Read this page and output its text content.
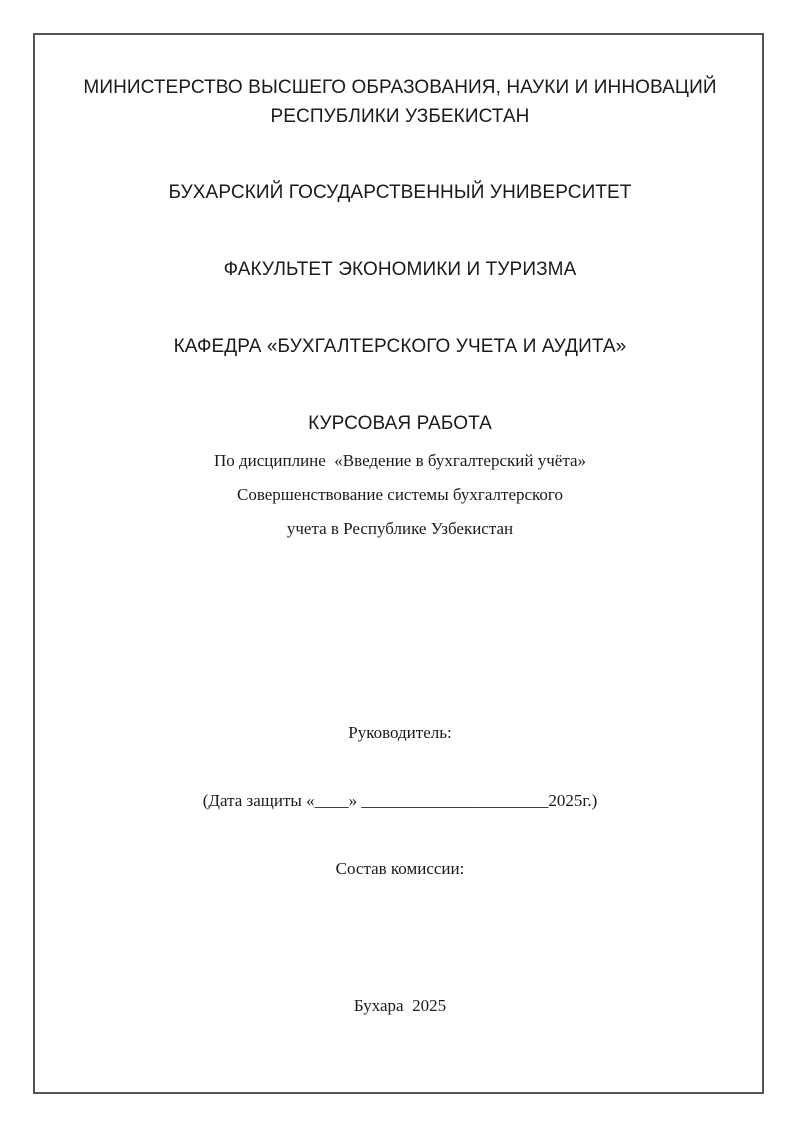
МИНИСТЕРСТВО ВЫСШЕГО ОБРАЗОВАНИЯ, НАУКИ И ИННОВАЦИЙ
РЕСПУБЛИКИ УЗБЕКИСТАН
БУХАРСКИЙ ГОСУДАРСТВЕННЫЙ УНИВЕРСИТЕТ
ФАКУЛЬТЕТ ЭКОНОМИКИ И ТУРИЗМА
КАФЕДРА «БУХГАЛТЕРСКОГО УЧЕТА И АУДИТА»
КУРСОВАЯ РАБОТА
По дисциплине  «Введение в бухгалтерский учёта»
Совершенствование системы бухгалтерского
учета в Республике Узбекистан
Руководитель:
(Дата защиты «____» ______________________2025г.)
Состав комиссии:
Бухара  2025
